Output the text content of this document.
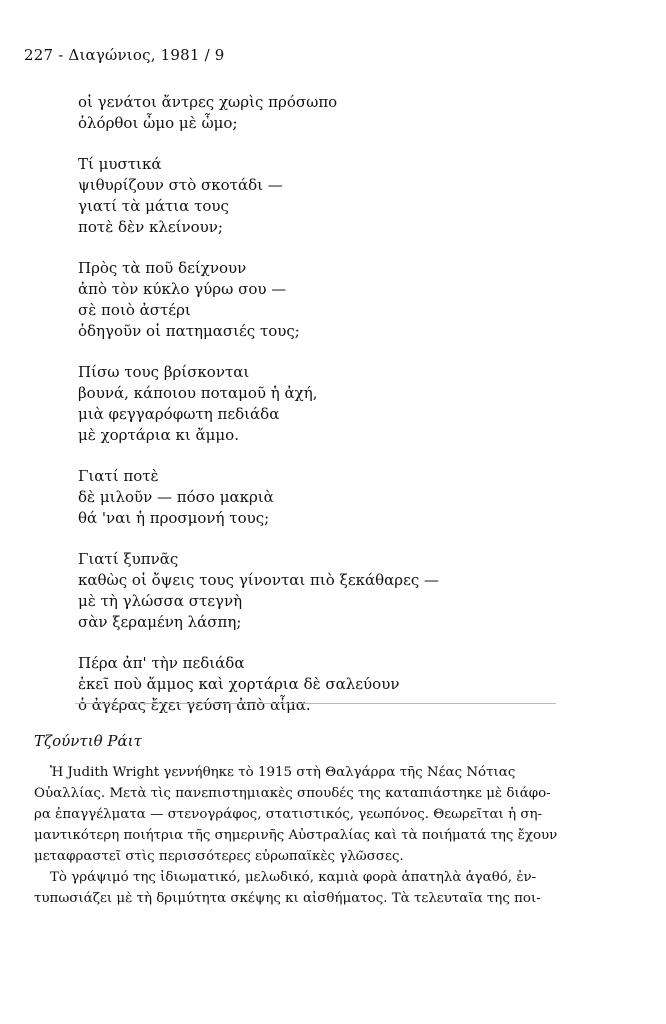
227 - Διαγώνιος, 1981 / 9
οἱ γενάτοι ἄντρες χωρὶς πρόσωπο
ὁλόρθοι ὦμο μὲ ὦμο;
Τί μυστικά
ψιθυρίζουν στὸ σκοτάδι —
γιατί τὰ μάτια τους
ποτὲ δὲν κλείνουν;
Πρὸς τὰ ποῦ δείχνουν
ἀπὸ τὸν κύκλο γύρω σου —
σὲ ποιὸ ἀστέρι
ὁδηγοῦν οἱ πατημασιές τους;
Πίσω τους βρίσκονται
βουνά, κάποιου ποταμοῦ ἡ ἀχή,
μιὰ φεγγαρόφωτη πεδιάδα
μὲ χορτάρια κι ἄμμο.
Γιατί ποτὲ
δὲ μιλοῦν — πόσο μακριὰ
θά 'ναι ἡ προσμονή τους;
Γιατί ξυπνᾶς
καθὼς οἱ ὄψεις τους γίνονται πιὸ ξεκάθαρες —
μὲ τὴ γλώσσα στεγνὴ
σὰν ξεραμένη λάσπη;
Πέρα ἀπ' τὴν πεδιάδα
ἐκεῖ ποὺ ἄμμος καὶ χορτάρια δὲ σαλεύουν
ὁ ἀγέρας ἔχει γεύση ἀπὸ αἷμα.
Τζούντιθ Ράιτ
Ἡ Judith Wright γεννήθηκε τὸ 1915 στὴ Θαλγάρρα τῆς Νέας Νότιας
Οὐαλλίας. Μετὰ τὶς πανεπιστημιακὲς σπουδές της καταπιάστηκε μὲ διάφο-
ρα ἐπαγγέλματα — στενογράφος, στατιστικός, γεωπόνος. Θεωρεῖται ἡ ση-
μαντικότερη ποιήτρια τῆς σημερινῆς Αὐστραλίας καὶ τὰ ποιήματά της ἔχουν
μεταφραστεῖ στὶς περισσότερες εὐρωπαϊκὲς γλῶσσες.
Τὸ γράψιμό της ἰδιωματικό, μελωδικό, καμιὰ φορὰ ἀπατηλὰ ἀγαθό, ἐν-
τυπωσιάζει μὲ τὴ δριμύτητα σκέψης κι αἰσθήματος. Τὰ τελευταῖα της ποι-
